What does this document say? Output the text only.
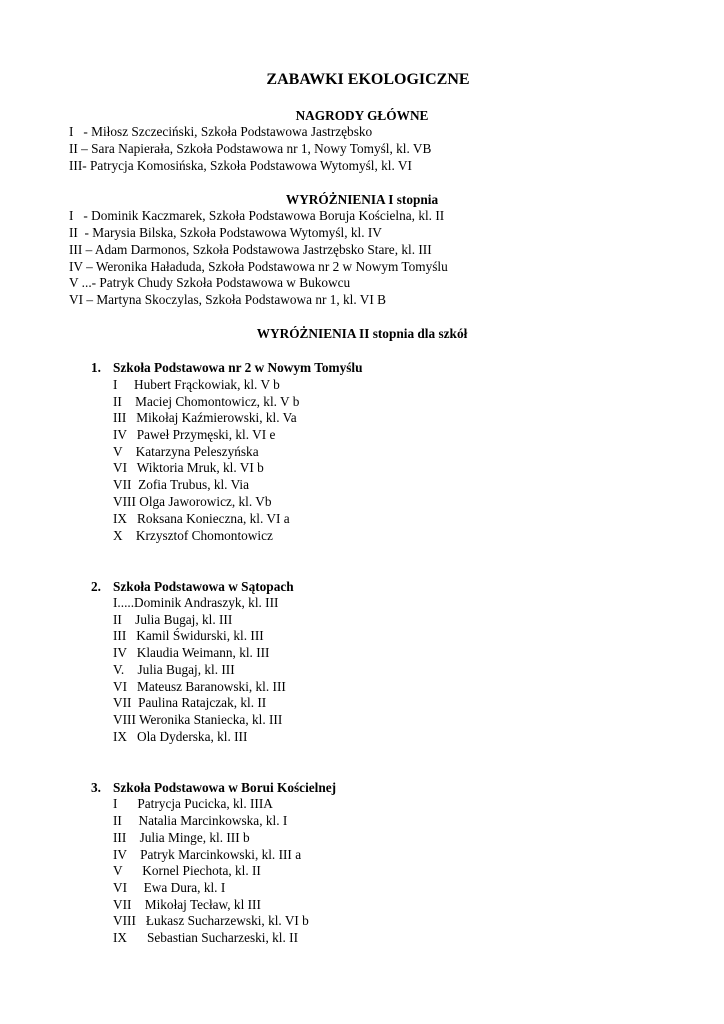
ZABAWKI EKOLOGICZNE
NAGRODY GŁÓWNE
I   - Miłosz Szczeciński, Szkoła Podstawowa Jastrzębsko
II – Sara Napierała, Szkoła Podstawowa nr 1, Nowy Tomyśl, kl. VB
III- Patrycja Komosińska, Szkoła Podstawowa Wytomyśl, kl. VI
WYRÓŻNIENIA I stopnia
I   - Dominik Kaczmarek, Szkoła Podstawowa Boruja Kościelna, kl. II
II  - Marysia Bilska, Szkoła Podstawowa Wytomyśl, kl. IV
III – Adam Darmonos, Szkoła Podstawowa Jastrzębsko Stare, kl. III
IV – Weronika Haładuda, Szkoła Podstawowa nr 2 w Nowym Tomyślu
V ...- Patryk Chudy Szkoła Podstawowa w Bukowcu
VI – Martyna Skoczylas, Szkoła Podstawowa nr 1, kl. VI B
WYRÓŻNIENIA II stopnia dla szkół
1. Szkoła Podstawowa nr 2 w Nowym Tomyślu
I     Hubert Frąckowiak, kl. V b
II    Maciej Chomontowicz, kl. V b
III   Mikołaj Kaźmierowski, kl. Va
IV   Paweł Przymęski, kl. VI e
V    Katarzyna Peleszyńska
VI   Wiktoria Mruk, kl. VI b
VII  Zofia Trubus, kl. Via
VIII Olga Jaworowicz, kl. Vb
IX   Roksana Konieczna, kl. VI a
X    Krzysztof Chomontowicz
2. Szkoła Podstawowa w Sątopach
I.....Dominik Andraszyk, kl. III
II    Julia Bugaj, kl. III
III   Kamil Świdurski, kl. III
IV   Klaudia Weimann, kl. III
V.    Julia Bugaj, kl. III
VI   Mateusz Baranowski, kl. III
VII  Paulina Ratajczak, kl. II
VIII Weronika Staniecka, kl. III
IX   Ola Dyderska, kl. III
3. Szkoła Podstawowa w Borui Kościelnej
I      Patrycja Pucicka, kl. IIIA
II     Natalia Marcinkowska, kl. I
III    Julia Minge, kl. III b
IV    Patryk Marcinkowski, kl. III a
V      Kornel Piechota, kl. II
VI     Ewa Dura, kl. I
VII    Mikołaj Tecław, kl III
VIII   Łukasz Sucharzewski, kl. VI b
IX      Sebastian Sucharzeski, kl. II
